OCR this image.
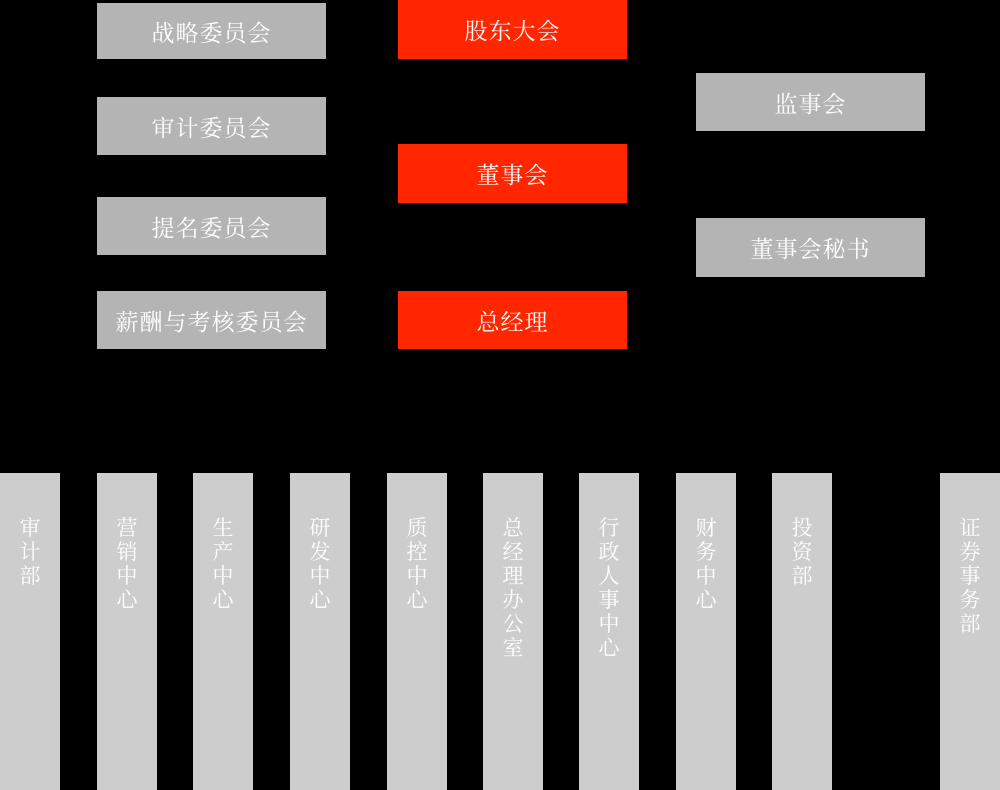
战略委员会
审计委员会
提名委员会
薪酬与考核委员会
股东大会
董事会
总经理
监事会
董事会秘书
审计部
营销中心
生产中心
研发中心
质控中心
总经理办公室
行政人事中心
财务中心
投资部
证券事务部
